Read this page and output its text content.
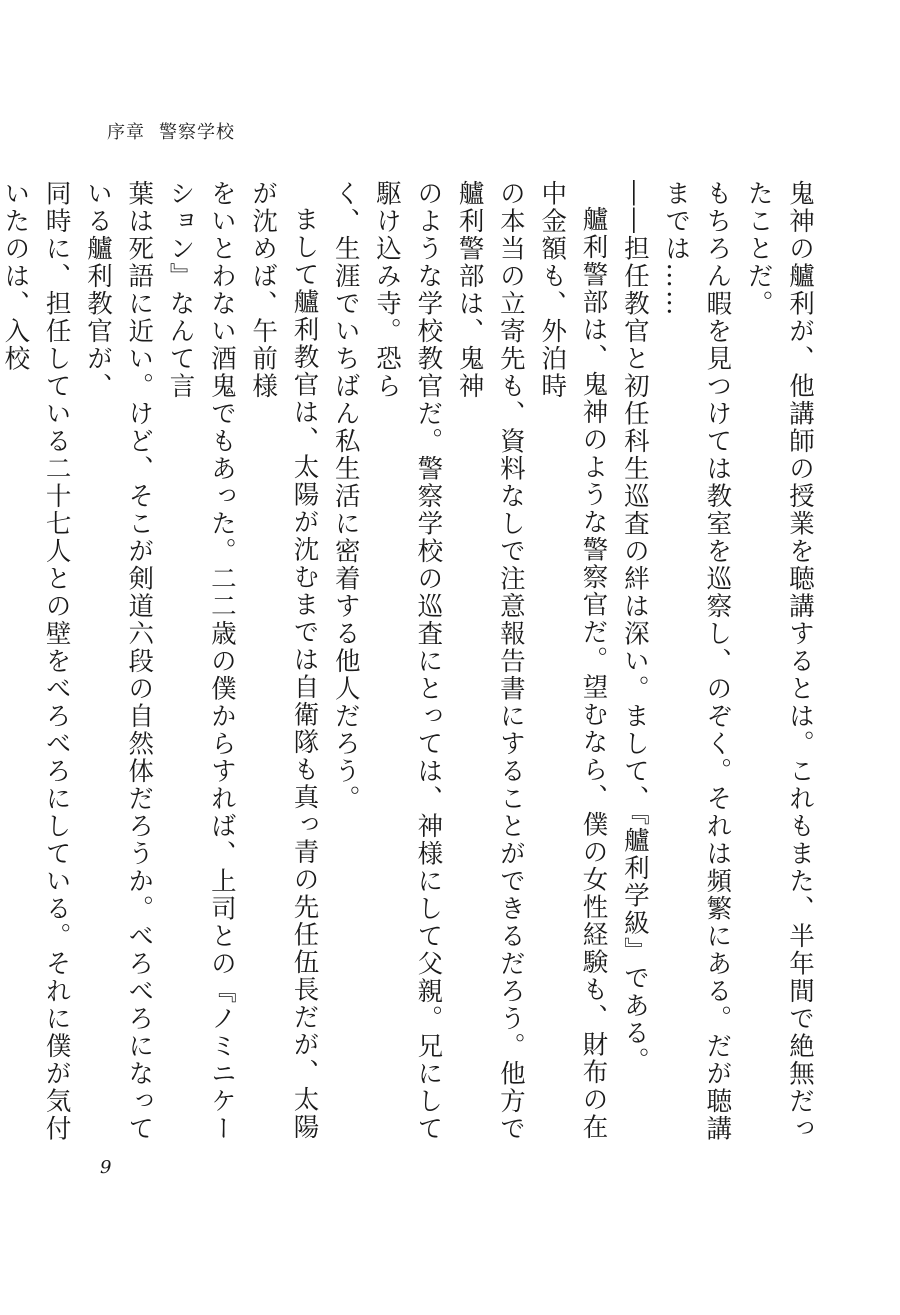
序章 警察学校

鬼神の艫利が、他講師の授業を聴講するとは。これもまた、半年間で絶無だったことだ。

もちろん暇を見つけては教室を巡察し、のぞく。それは頻繁にある。だが聴講までは……

――担任教官と初任科生巡査の絆は深い。まして、『艫利学級』である。

艫利警部は、鬼神のような警察官だ。望むなら、僕の女性経験も、財布の在中金額も、外泊時

の本当の立寄先も、資料なしで注意報告書にすることができるだろう。他方で艫利警部は、鬼神

のような学校教官だ。警察学校の巡査にとっては、神様にして父親。兄にして駆け込み寺。恐ら

く、生涯でいちばん私生活に密着する他人だろう。

まして艫利教官は、太陽が沈むまでは自衛隊も真っ青の先任伍長だが、太陽が沈めば、午前様

をいとわない酒鬼でもあった。二二歳の僕からすれば、上司との『ノミニケーション』なんて言

葉は死語に近い。けど、そこが剣道六段の自然体だろうか。べろべろになっている艫利教官が、

同時に、担任している二十七人との壁をべろべろにしている。それに僕が気付いたのは、入校

9
